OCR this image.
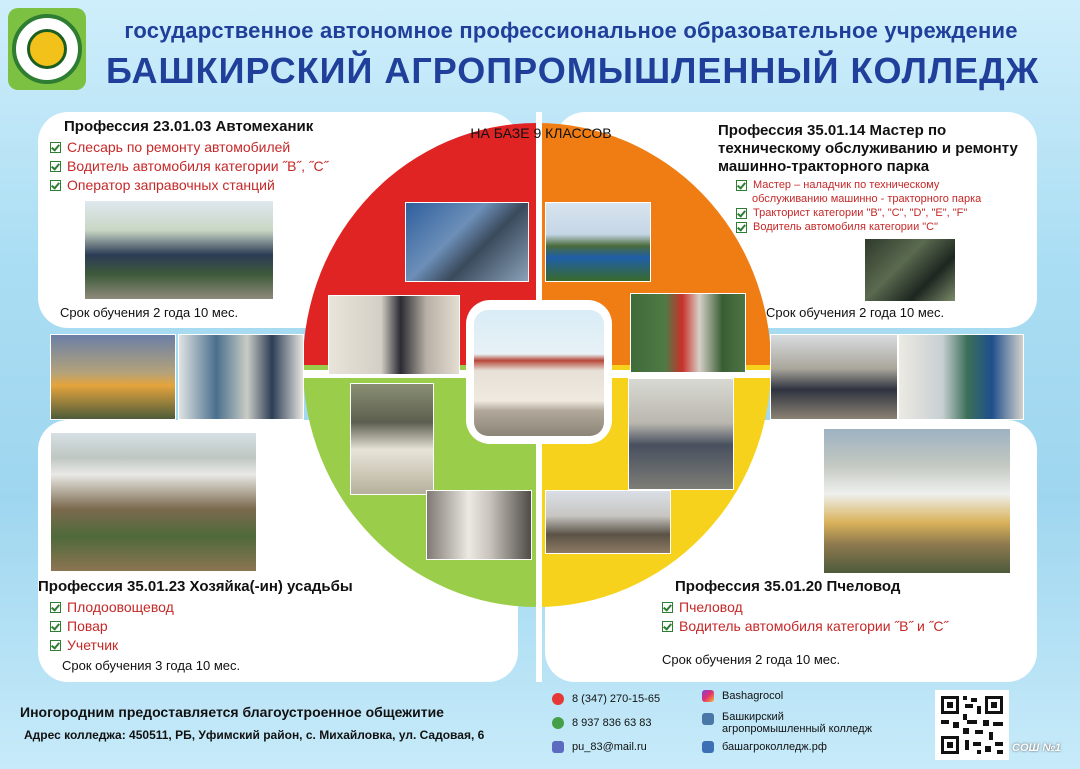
государственное автономное профессиональное образовательное учреждение
БАШКИРСКИЙ АГРОПРОМЫШЛЕННЫЙ КОЛЛЕДЖ
НА БАЗЕ 9 КЛАССОВ
Профессия 23.01.03 Автомеханик
Слесарь по ремонту автомобилей
Водитель автомобиля категории ˝В˝, ˝С˝
Оператор заправочных станций
Срок обучения 2 года 10 мес.
Профессия 35.01.14 Мастер по
техническому обслуживанию и ремонту
машинно-тракторного парка
Мастер – наладчик по техническому
обслуживанию машинно - тракторного парка
Тракторист категории "В", "С", "D", "E", "F"
Водитель автомобиля категории "С"
Срок обучения 2 года 10 мес.
Профессия 35.01.23 Хозяйка(-ин) усадьбы
Плодоовощевод
Повар
Учетчик
Срок обучения 3 года 10 мес.
Профессия 35.01.20 Пчеловод
Пчеловод
Водитель автомобиля категории ˝В˝ и ˝С˝
Срок обучения 2 года 10 мес.
Иногородним предоставляется благоустроенное общежитие
Адрес колледжа: 450511, РБ, Уфимский район, с. Михайловка, ул. Садовая, 6
8 (347) 270-15-65
8 937 836 63 83
pu_83@mail.ru
Bashagrocol
Башкирский
агропромышленный колледж
башагроколледж.рф	СОШ №1
